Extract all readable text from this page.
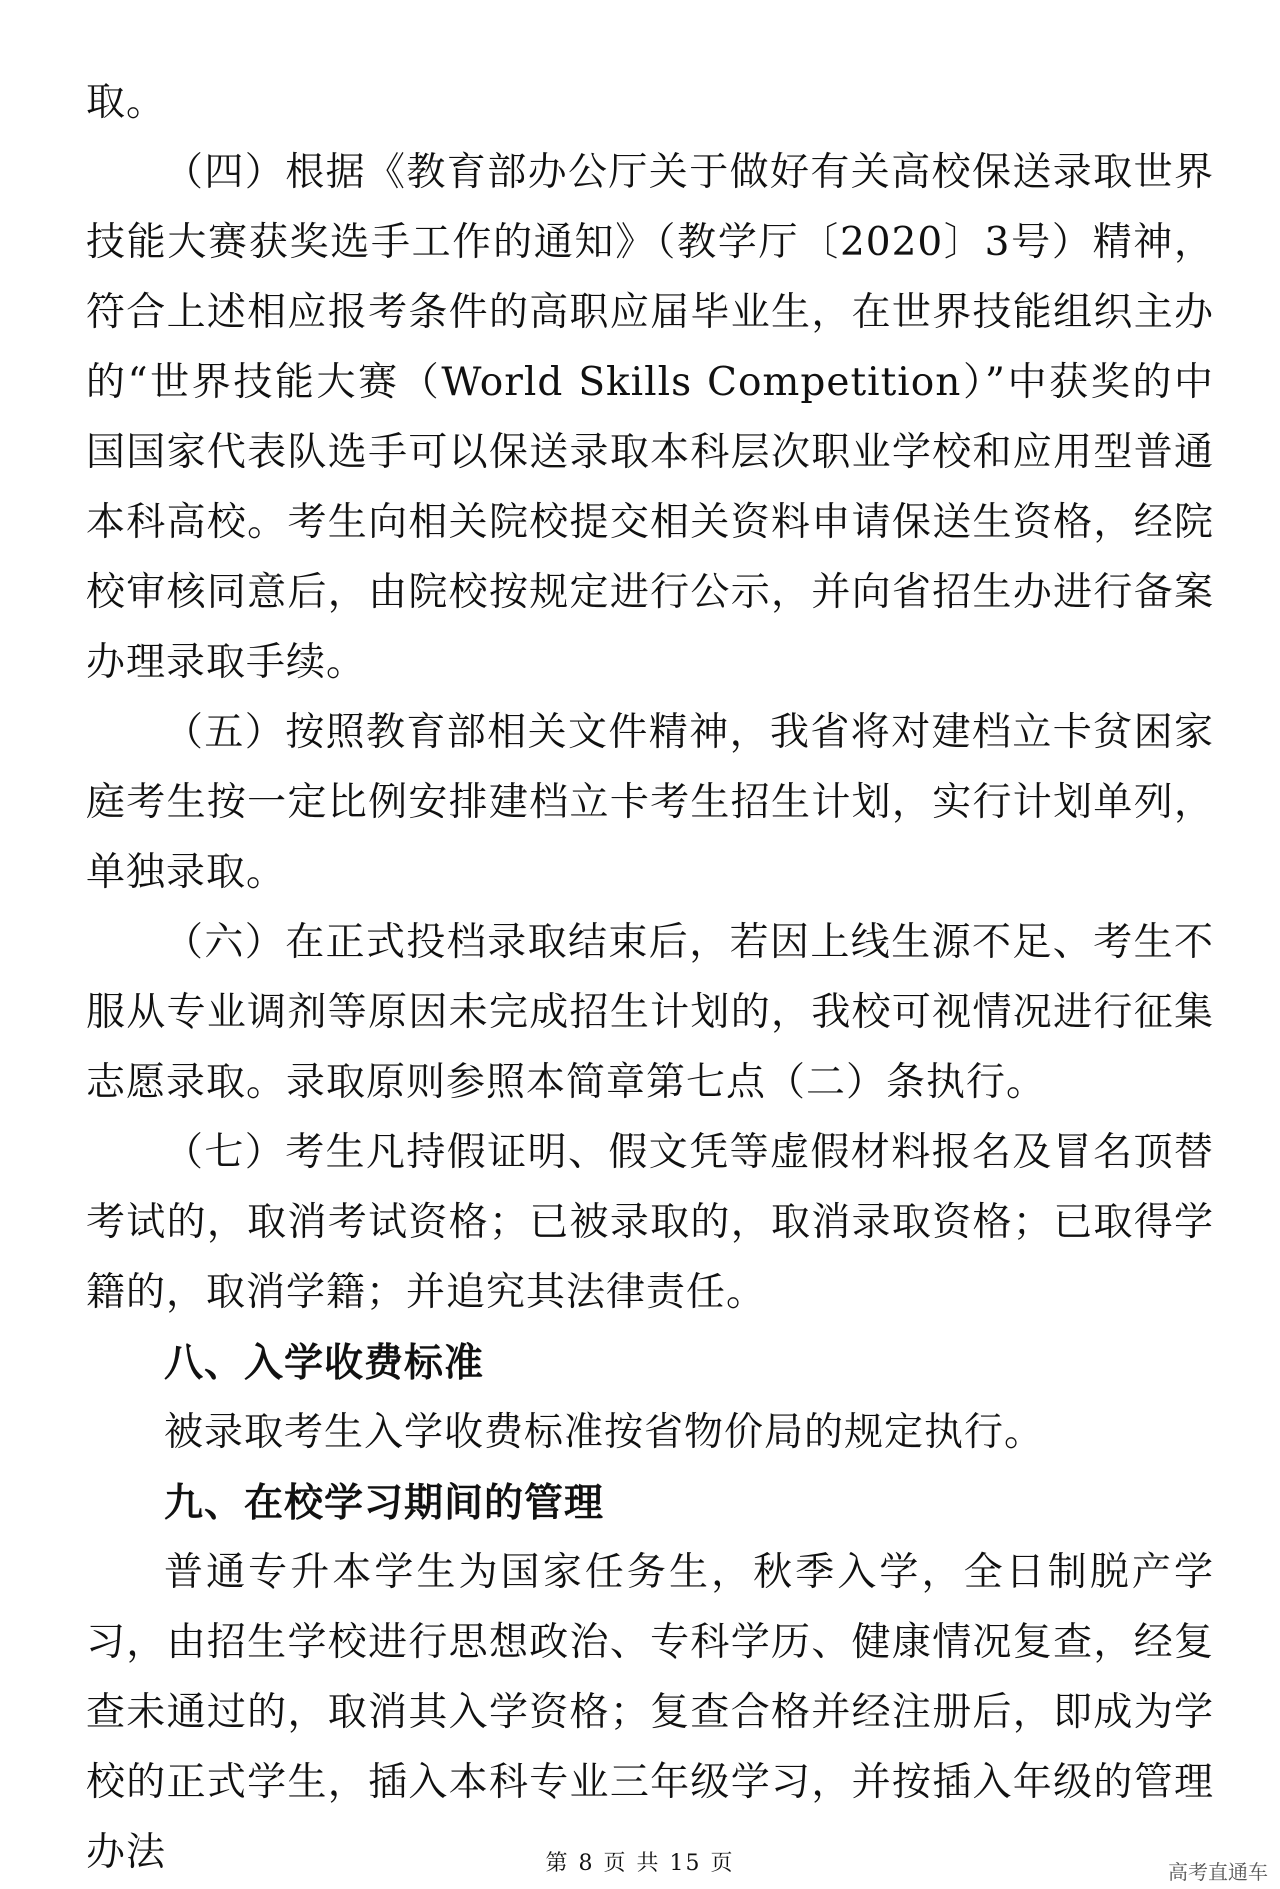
取。

（四）根据《教育部办公厅关于做好有关高校保送录取世界技能大赛获奖选手工作的通知》（教学厅〔2020〕3号）精神，符合上述相应报考条件的高职应届毕业生，在世界技能组织主办的“世界技能大赛（World Skills Competition）”中获奖的中国国家代表队选手可以保送录取本科层次职业学校和应用型普通本科高校。考生向相关院校提交相关资料申请保送生资格，经院校审核同意后，由院校按规定进行公示，并向省招生办进行备案办理录取手续。

（五）按照教育部相关文件精神，我省将对建档立卡贫困家庭考生按一定比例安排建档立卡考生招生计划，实行计划单列，单独录取。

（六）在正式投档录取结束后，若因上线生源不足、考生不服从专业调剂等原因未完成招生计划的，我校可视情况进行征集志愿录取。录取原则参照本简章第七点（二）条执行。

（七）考生凡持假证明、假文凭等虚假材料报名及冒名顶替考试的，取消考试资格；已被录取的，取消录取资格；已取得学籍的，取消学籍；并追究其法律责任。

八、入学收费标准

被录取考生入学收费标准按省物价局的规定执行。

九、在校学习期间的管理

普通专升本学生为国家任务生，秋季入学，全日制脱产学习，由招生学校进行思想政治、专科学历、健康情况复查，经复查未通过的，取消其入学资格；复查合格并经注册后，即成为学校的正式学生，插入本科专业三年级学习，并按插入年级的管理办法	第 8 页 共 15 页	高考直通车
